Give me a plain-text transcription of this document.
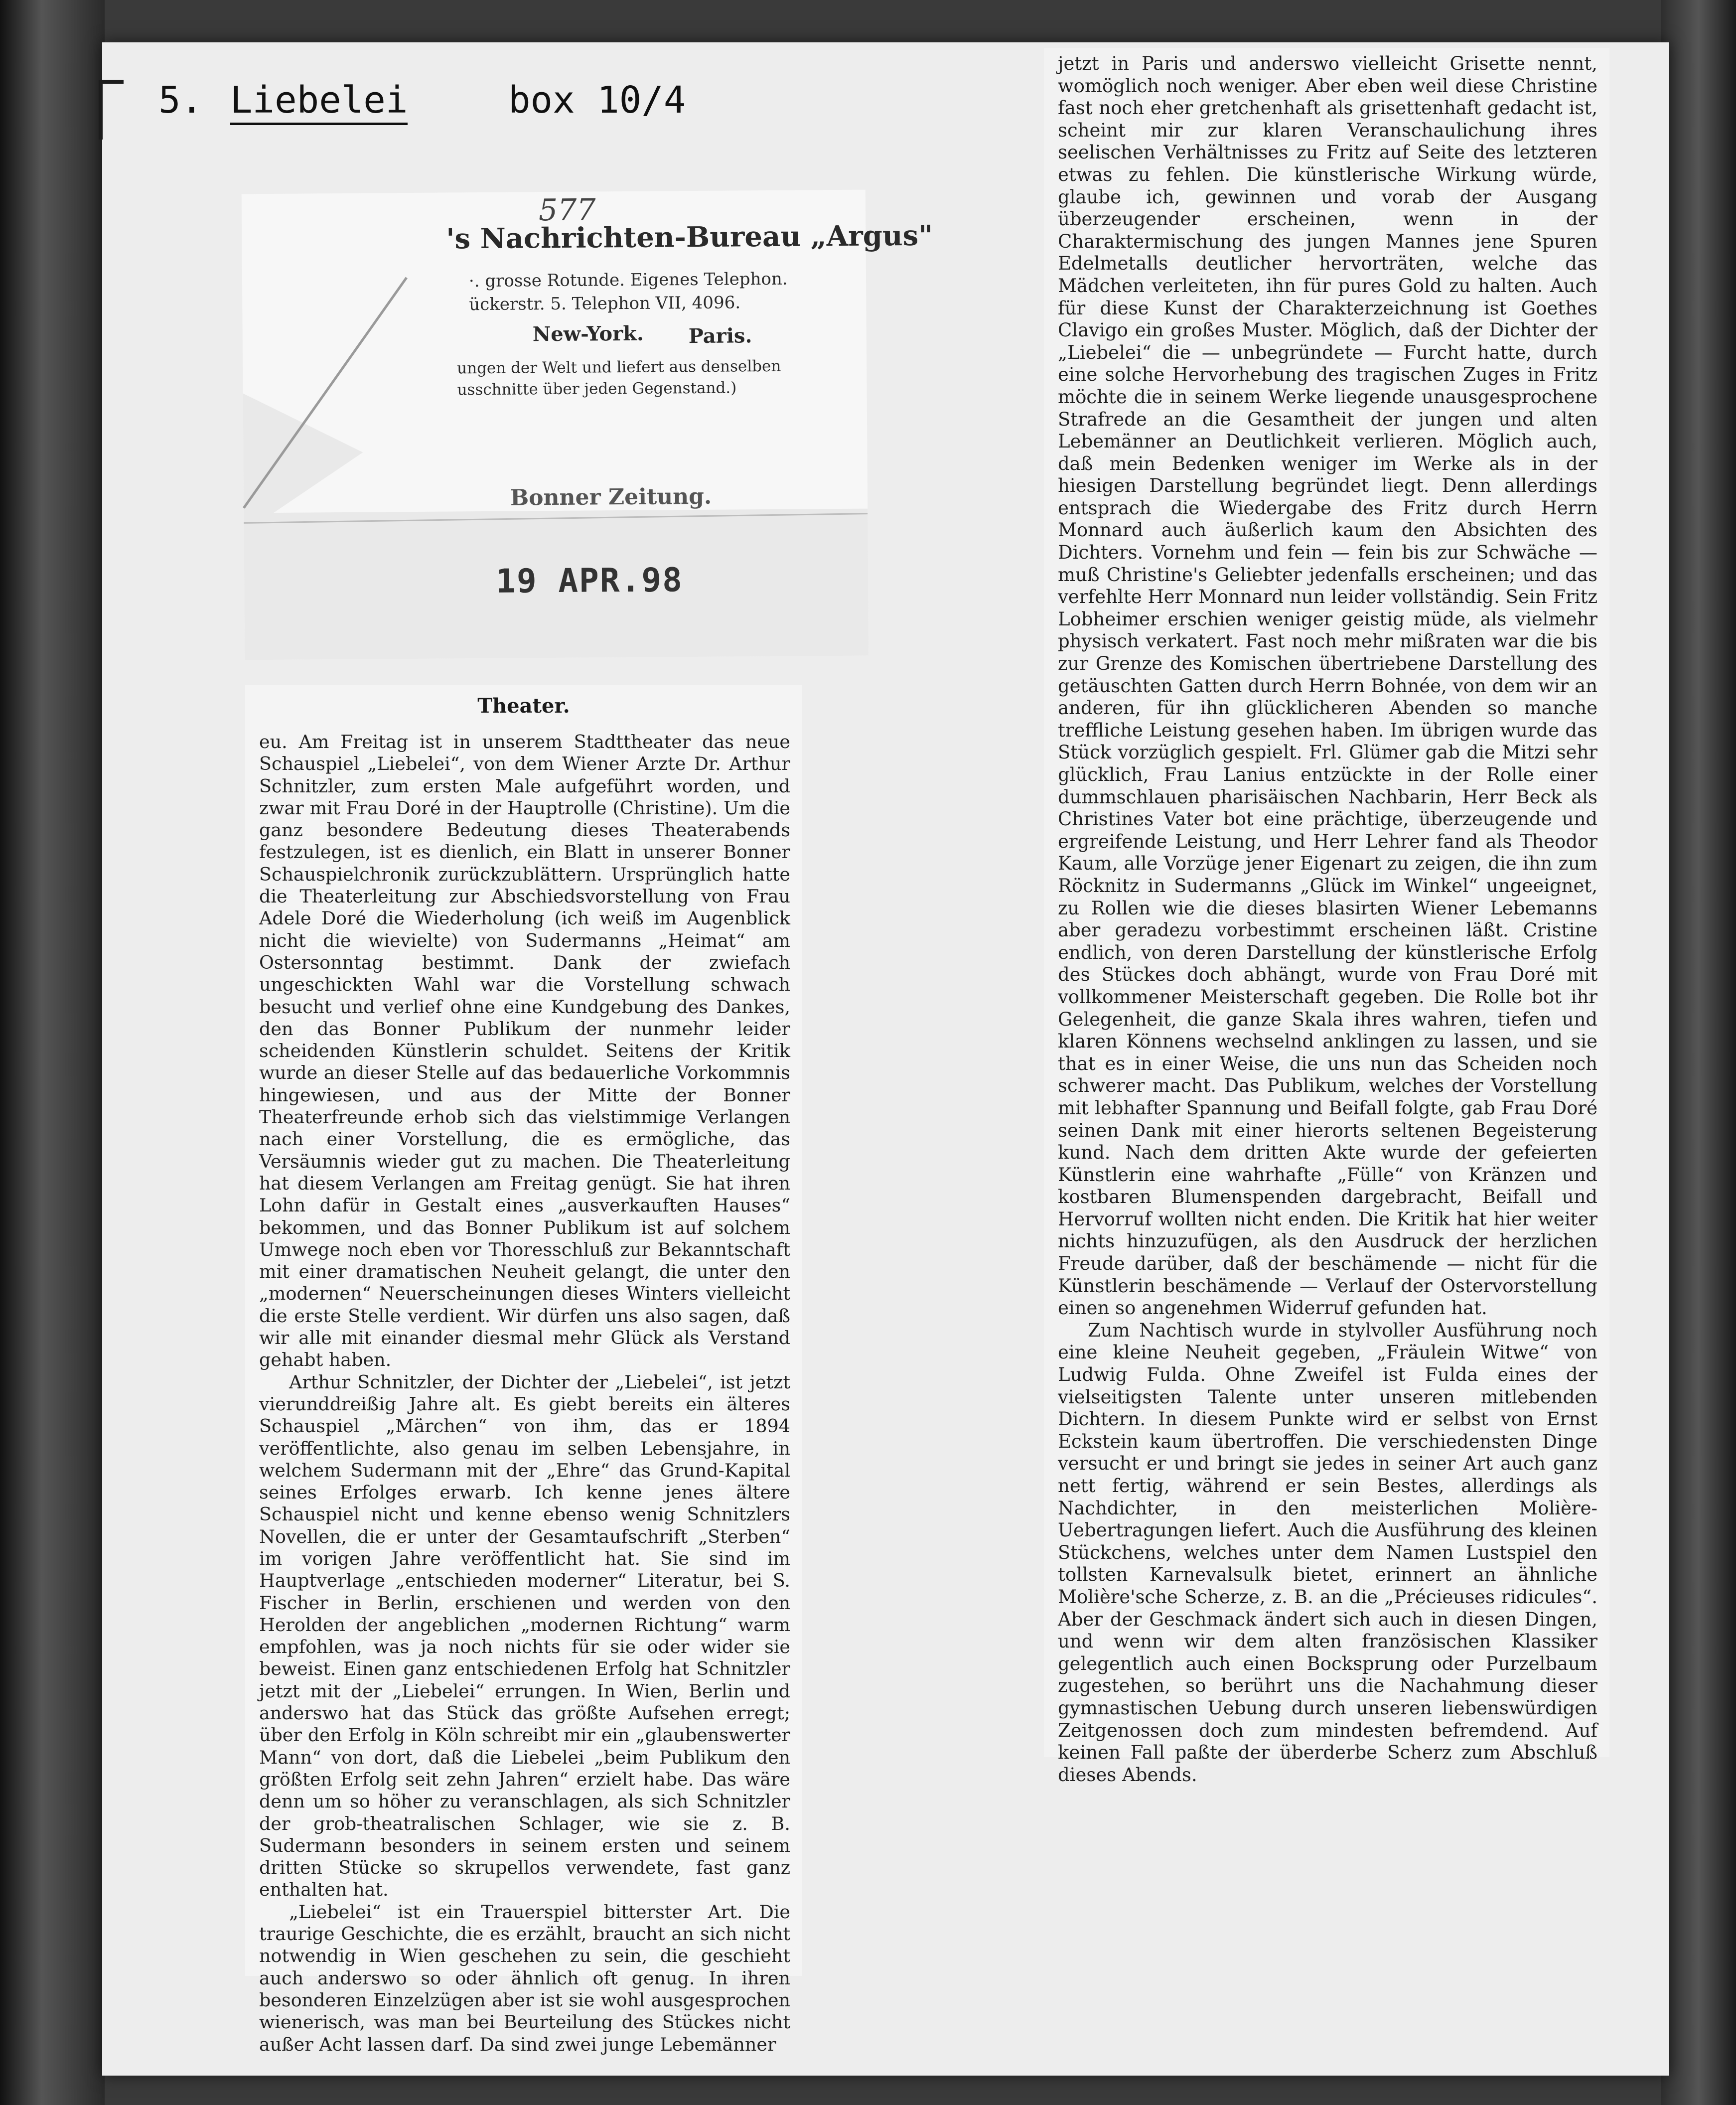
5. Liebelei	box 10/4
577
's Nachrichten-Bureau „Argus"
·. grosse Rotunde. Eigenes Telephon.
ückerstr. 5. Telephon VII, 4096.
New-York. Paris.
ungen der Welt und liefert aus denselben
usschnitte über jeden Gegenstand.)
Bonner Zeitung.
19 APR.98
Theater.

eu. Am Freitag ist in unserem Stadttheater das neue Schauspiel „Liebelei“, von dem Wiener Arzte Dr. Arthur Schnitzler, zum ersten Male aufgeführt worden, und zwar mit Frau Doré in der Hauptrolle (Christine). Um die ganz besondere Bedeutung dieses Theaterabends festzulegen, ist es dienlich, ein Blatt in unserer Bonner Schauspielchronik zurückzublättern. Ursprünglich hatte die Theaterleitung zur Abschiedsvorstellung von Frau Adele Doré die Wiederholung (ich weiß im Augenblick nicht die wievielte) von Sudermanns „Heimat“ am Ostersonntag bestimmt. Dank der zwiefach ungeschickten Wahl war die Vorstellung schwach besucht und verlief ohne eine Kundgebung des Dankes, den das Bonner Publikum der nunmehr leider scheidenden Künstlerin schuldet. Seitens der Kritik wurde an dieser Stelle auf das bedauerliche Vorkommnis hingewiesen, und aus der Mitte der Bonner Theaterfreunde erhob sich das vielstimmige Verlangen nach einer Vorstellung, die es ermögliche, das Versäumnis wieder gut zu machen. Die Theaterleitung hat diesem Verlangen am Freitag genügt. Sie hat ihren Lohn dafür in Gestalt eines „ausverkauften Hauses“ bekommen, und das Bonner Publikum ist auf solchem Umwege noch eben vor Thoresschluß zur Bekanntschaft mit einer dramatischen Neuheit gelangt, die unter den „modernen“ Neuerscheinungen dieses Winters vielleicht die erste Stelle verdient. Wir dürfen uns also sagen, daß wir alle mit einander diesmal mehr Glück als Verstand gehabt haben.

Arthur Schnitzler, der Dichter der „Liebelei“, ist jetzt vierunddreißig Jahre alt. Es giebt bereits ein älteres Schauspiel „Märchen“ von ihm, das er 1894 veröffentlichte, also genau im selben Lebensjahre, in welchem Sudermann mit der „Ehre“ das Grund-Kapital seines Erfolges erwarb. Ich kenne jenes ältere Schauspiel nicht und kenne ebenso wenig Schnitzlers Novellen, die er unter der Gesamtaufschrift „Sterben“ im vorigen Jahre veröffentlicht hat. Sie sind im Hauptverlage „entschieden moderner“ Literatur, bei S. Fischer in Berlin, erschienen und werden von den Herolden der angeblichen „modernen Richtung“ warm empfohlen, was ja noch nichts für sie oder wider sie beweist. Einen ganz entschiedenen Erfolg hat Schnitzler jetzt mit der „Liebelei“ errungen. In Wien, Berlin und anderswo hat das Stück das größte Aufsehen erregt; über den Erfolg in Köln schreibt mir ein „glaubenswerter Mann“ von dort, daß die Liebelei „beim Publikum den größten Erfolg seit zehn Jahren“ erzielt habe. Das wäre denn um so höher zu veranschlagen, als sich Schnitzler der grob-theatralischen Schlager, wie sie z. B. Sudermann besonders in seinem ersten und seinem dritten Stücke so skrupellos verwendete, fast ganz enthalten hat.

„Liebelei“ ist ein Trauerspiel bitterster Art. Die traurige Geschichte, die es erzählt, braucht an sich nicht notwendig in Wien geschehen zu sein, die geschieht auch anderswo so oder ähnlich oft genug. In ihren besonderen Einzelzügen aber ist sie wohl ausgesprochen wienerisch, was man bei Beurteilung des Stückes nicht außer Acht lassen darf. Da sind zwei junge Lebemänner

jetzt in Paris und anderswo vielleicht Grisette nennt, womöglich noch weniger. Aber eben weil diese Christine fast noch eher gretchenhaft als grisettenhaft gedacht ist, scheint mir zur klaren Veranschaulichung ihres seelischen Verhältnisses zu Fritz auf Seite des letzteren etwas zu fehlen. Die künstlerische Wirkung würde, glaube ich, gewinnen und vorab der Ausgang überzeugender erscheinen, wenn in der Charaktermischung des jungen Mannes jene Spuren Edelmetalls deutlicher hervorträten, welche das Mädchen verleiteten, ihn für pures Gold zu halten. Auch für diese Kunst der Charakterzeichnung ist Goethes Clavigo ein großes Muster. Möglich, daß der Dichter der „Liebelei“ die — unbegründete — Furcht hatte, durch eine solche Hervorhebung des tragischen Zuges in Fritz möchte die in seinem Werke liegende unausgesprochene Strafrede an die Gesamtheit der jungen und alten Lebemänner an Deutlichkeit verlieren. Möglich auch, daß mein Bedenken weniger im Werke als in der hiesigen Darstellung begründet liegt. Denn allerdings entsprach die Wiedergabe des Fritz durch Herrn Monnard auch äußerlich kaum den Absichten des Dichters. Vornehm und fein — fein bis zur Schwäche — muß Christine's Geliebter jedenfalls erscheinen; und das verfehlte Herr Monnard nun leider vollständig. Sein Fritz Lobheimer erschien weniger geistig müde, als vielmehr physisch verkatert. Fast noch mehr mißraten war die bis zur Grenze des Komischen übertriebene Darstellung des getäuschten Gatten durch Herrn Bohnée, von dem wir an anderen, für ihn glücklicheren Abenden so manche treffliche Leistung gesehen haben. Im übrigen wurde das Stück vorzüglich gespielt. Frl. Glümer gab die Mitzi sehr glücklich, Frau Lanius entzückte in der Rolle einer dummschlauen pharisäischen Nachbarin, Herr Beck als Christines Vater bot eine prächtige, überzeugende und ergreifende Leistung, und Herr Lehrer fand als Theodor Kaum, alle Vorzüge jener Eigenart zu zeigen, die ihn zum Röcknitz in Sudermanns „Glück im Winkel“ ungeeignet, zu Rollen wie die dieses blasirten Wiener Lebemanns aber geradezu vorbestimmt erscheinen läßt. Cristine endlich, von deren Darstellung der künstlerische Erfolg des Stückes doch abhängt, wurde von Frau Doré mit vollkommener Meisterschaft gegeben. Die Rolle bot ihr Gelegenheit, die ganze Skala ihres wahren, tiefen und klaren Könnens wechselnd anklingen zu lassen, und sie that es in einer Weise, die uns nun das Scheiden noch schwerer macht. Das Publikum, welches der Vorstellung mit lebhafter Spannung und Beifall folgte, gab Frau Doré seinen Dank mit einer hierorts seltenen Begeisterung kund. Nach dem dritten Akte wurde der gefeierten Künstlerin eine wahrhafte „Fülle“ von Kränzen und kostbaren Blumenspenden dargebracht, Beifall und Hervorruf wollten nicht enden. Die Kritik hat hier weiter nichts hinzuzufügen, als den Ausdruck der herzlichen Freude darüber, daß der beschämende — nicht für die Künstlerin beschämende — Verlauf der Ostervorstellung einen so angenehmen Widerruf gefunden hat.

Zum Nachtisch wurde in stylvoller Ausführung noch eine kleine Neuheit gegeben, „Fräulein Witwe“ von Ludwig Fulda. Ohne Zweifel ist Fulda eines der vielseitigsten Talente unter unseren mitlebenden Dichtern. In diesem Punkte wird er selbst von Ernst Eckstein kaum übertroffen. Die verschiedensten Dinge versucht er und bringt sie jedes in seiner Art auch ganz nett fertig, während er sein Bestes, allerdings als Nachdichter, in den meisterlichen Molière-Uebertragungen liefert. Auch die Ausführung des kleinen Stückchens, welches unter dem Namen Lustspiel den tollsten Karnevalsulk bietet, erinnert an ähnliche Molière'sche Scherze, z. B. an die „Précieuses ridicules“. Aber der Geschmack ändert sich auch in diesen Dingen, und wenn wir dem alten französischen Klassiker gelegentlich auch einen Bocksprung oder Purzelbaum zugestehen, so berührt uns die Nachahmung dieser gymnastischen Uebung durch unseren liebenswürdigen Zeitgenossen doch zum mindesten befremdend. Auf keinen Fall paßte der überderbe Scherz zum Abschluß dieses Abends.
